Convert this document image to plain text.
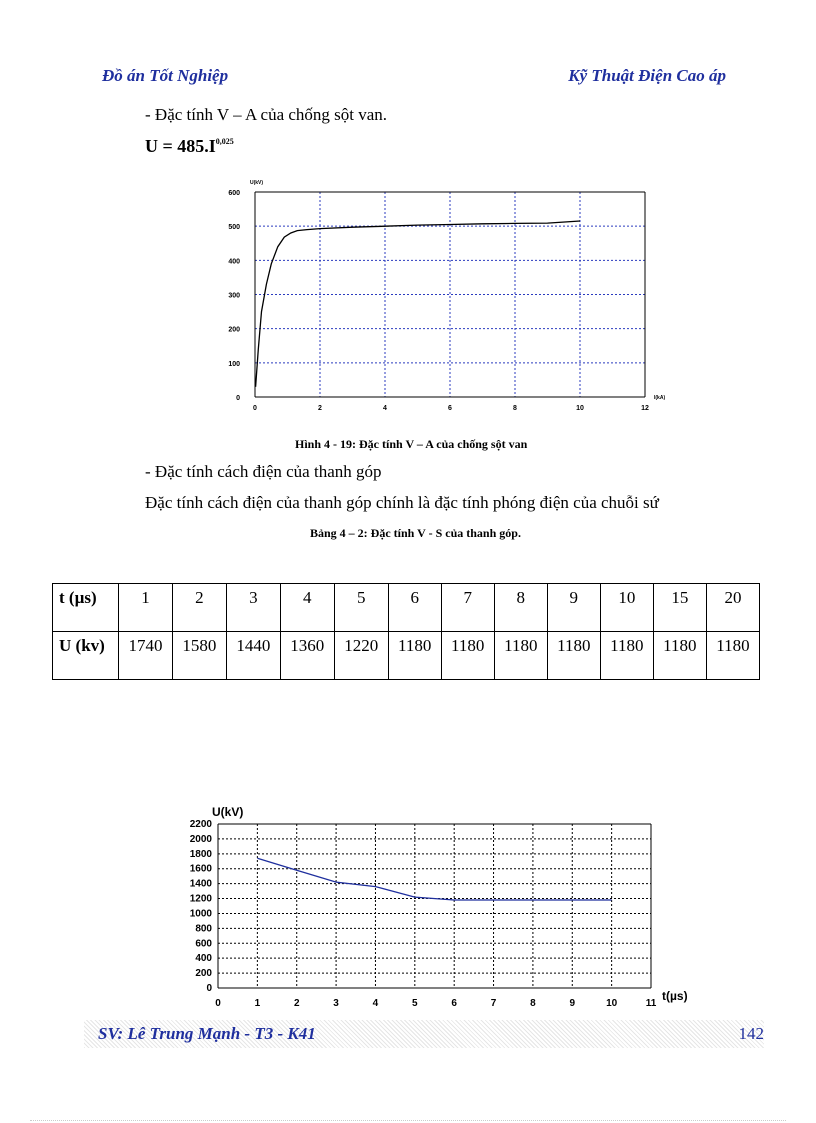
Đồ án Tốt Nghiệp	Kỹ Thuật Điện Cao áp
- Đặc tính V – A của chống sột van.
$U = 485.I^{0,025}$
0	2	4	6	8	10	12
0
100
200
300
400
500
600
U(kV)
I(kA)
Hình 4 - 19: Đặc tính V – A của chống sột van
- Đặc tính cách điện của thanh góp
Đặc tính cách điện của thanh góp chính là đặc tính phóng điện của chuỗi sứ
Bảng 4 – 2: Đặc tính V - S của thanh góp.
t (µs)	1	2	3	4	5	6	7	8	9	10	15	20
U (kv)	1740	1580	1440	1360	1220	1180	1180	1180	1180	1180	1180	1180
0	1	2	3	4	5	6	7	8	9	10	11
0
200
400
600
800
1000
1200
1400
1600
1800
2000
2200
U(kV)
t(µs)
SV: Lê Trung Mạnh - T3 - K41	142
